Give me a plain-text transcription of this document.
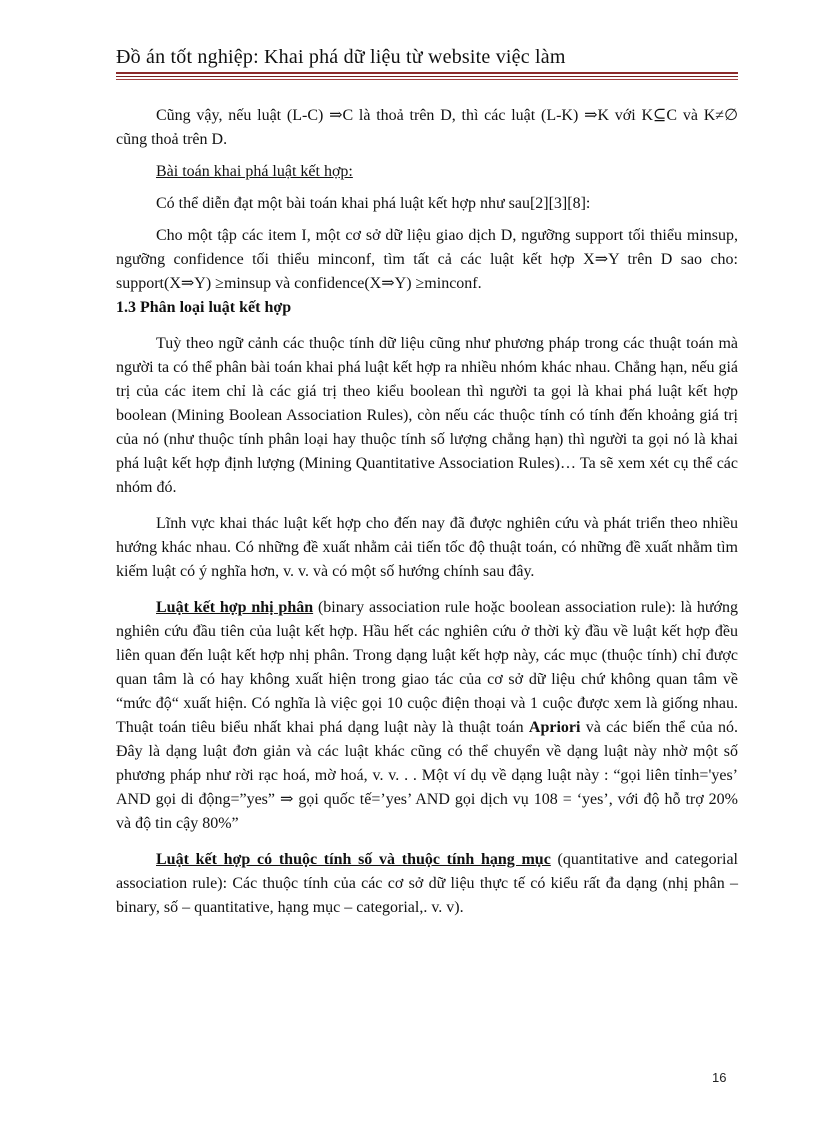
Đồ án tốt nghiệp: Khai phá dữ liệu từ website việc làm

Cũng vậy, nếu luật (L-C) ⇒C là thoả trên D, thì các luật (L-K) ⇒K với K⊆C và K≠∅ cũng thoả trên D.

Bài toán khai phá luật kết hợp:

Có thể diễn đạt một bài toán khai phá luật kết hợp như sau[2][3][8]:

Cho một tập các item I, một cơ sở dữ liệu giao dịch D, ngưỡng support tối thiểu minsup, ngưỡng confidence tối thiểu minconf, tìm tất cả các luật kết hợp X⇒Y trên D sao cho: support(X⇒Y) ≥minsup và confidence(X⇒Y) ≥minconf.

1.3 Phân loại luật kết hợp

Tuỳ theo ngữ cảnh các thuộc tính dữ liệu cũng như phương pháp trong các thuật toán mà người ta có thể phân bài toán khai phá luật kết hợp ra nhiều nhóm khác nhau. Chẳng hạn, nếu giá trị của các item chỉ là các giá trị theo kiểu boolean thì người ta gọi là khai phá luật kết hợp boolean (Mining Boolean Association Rules), còn nếu các thuộc tính có tính đến khoảng giá trị của nó (như thuộc tính phân loại hay thuộc tính số lượng chẳng hạn) thì người ta gọi nó là khai phá luật kết hợp định lượng (Mining Quantitative Association Rules)… Ta sẽ xem xét cụ thể các nhóm đó.

Lĩnh vực khai thác luật kết hợp cho đến nay đã được nghiên cứu và phát triển theo nhiều hướng khác nhau. Có những đề xuất nhằm cải tiến tốc độ thuật toán, có những đề xuất nhằm tìm kiếm luật có ý nghĩa hơn, v. v. và có một số hướng chính sau đây.

Luật kết hợp nhị phân (binary association rule hoặc boolean association rule): là hướng nghiên cứu đầu tiên của luật kết hợp. Hầu hết các nghiên cứu ở thời kỳ đầu về luật kết hợp đều liên quan đến luật kết hợp nhị phân. Trong dạng luật kết hợp này, các mục (thuộc tính) chỉ được quan tâm là có hay không xuất hiện trong giao tác của cơ sở dữ liệu chứ không quan tâm về “mức độ“ xuất hiện. Có nghĩa là việc gọi 10 cuộc điện thoại và 1 cuộc được xem là giống nhau. Thuật toán tiêu biểu nhất khai phá dạng luật này là thuật toán Apriori và các biến thể của nó. Đây là dạng luật đơn giản và các luật khác cũng có thể chuyển về dạng luật này nhờ một số phương pháp như rời rạc hoá, mờ hoá, v. v. . . Một ví dụ về dạng luật này : “gọi liên tỉnh='yes’ AND gọi di động=”yes” ⇒ gọi quốc tế=’yes’ AND gọi dịch vụ 108 = ‘yes’, với độ hỗ trợ 20% và độ tin cậy 80%”

Luật kết hợp có thuộc tính số và thuộc tính hạng mục (quantitative and categorial association rule): Các thuộc tính của các cơ sở dữ liệu thực tế có kiểu rất đa dạng (nhị phân – binary, số – quantitative, hạng mục – categorial,. v. v).

16
